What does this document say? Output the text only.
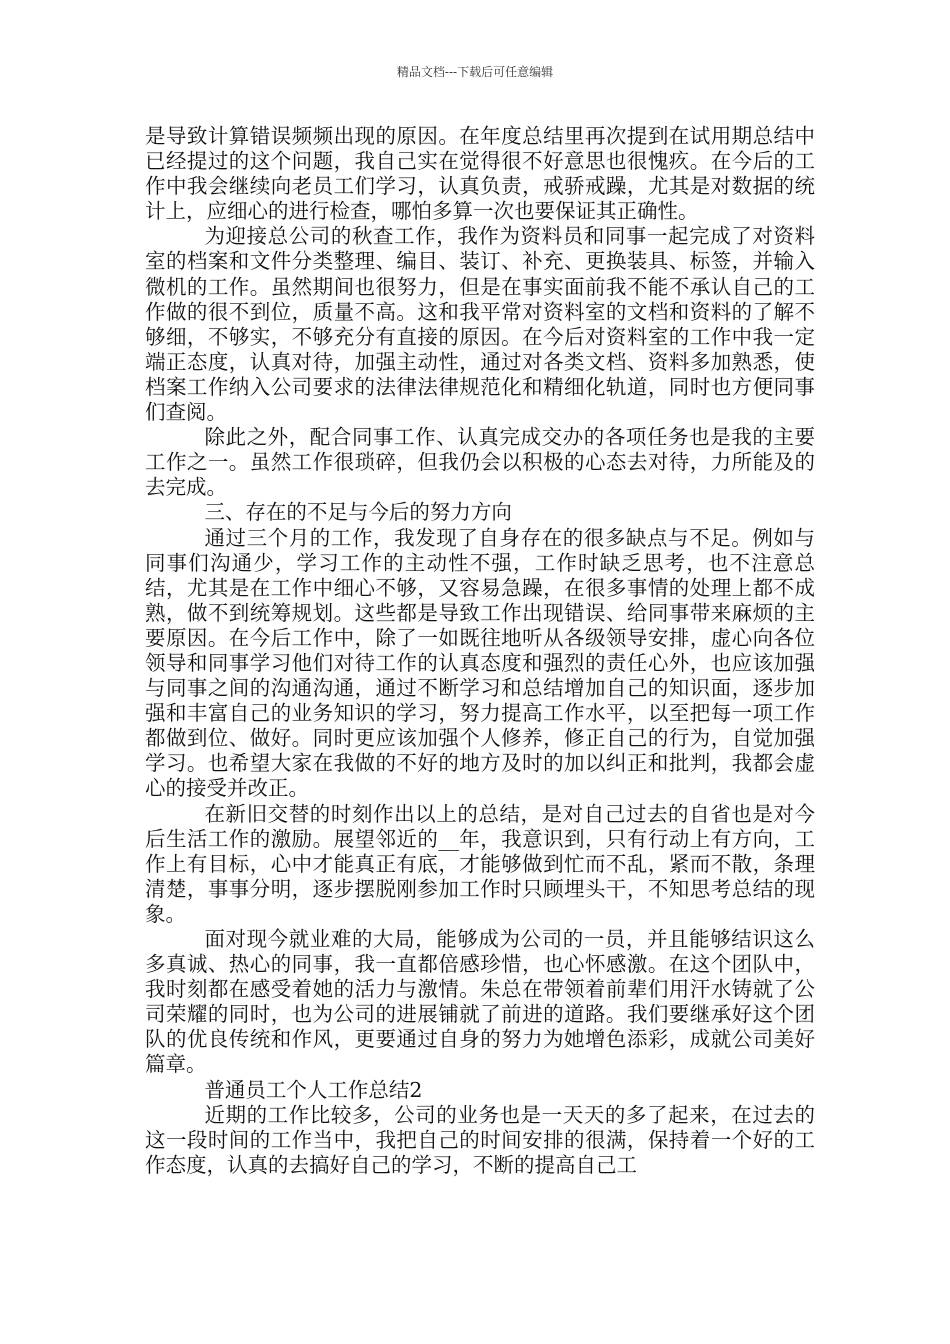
精品文档---下载后可任意编辑

是导致计算错误频频出现的原因。在年度总结里再次提到在试用期总结中已经提过的这个问题，我自己实在觉得很不好意思也很愧疚。在今后的工作中我会继续向老员工们学习，认真负责，戒骄戒躁，尤其是对数据的统计上，应细心的进行检查，哪怕多算一次也要保证其正确性。

为迎接总公司的秋查工作，我作为资料员和同事一起完成了对资料室的档案和文件分类整理、编目、装订、补充、更换装具、标签，并输入微机的工作。虽然期间也很努力，但是在事实面前我不能不承认自己的工作做的很不到位，质量不高。这和我平常对资料室的文档和资料的了解不够细，不够实，不够充分有直接的原因。在今后对资料室的工作中我一定端正态度，认真对待，加强主动性，通过对各类文档、资料多加熟悉，使档案工作纳入公司要求的法律法律规范化和精细化轨道，同时也方便同事们查阅。

除此之外，配合同事工作、认真完成交办的各项任务也是我的主要工作之一。虽然工作很琐碎，但我仍会以积极的心态去对待，力所能及的去完成。

三、存在的不足与今后的努力方向

通过三个月的工作，我发现了自身存在的很多缺点与不足。例如与同事们沟通少，学习工作的主动性不强，工作时缺乏思考，也不注意总结，尤其是在工作中细心不够，又容易急躁，在很多事情的处理上都不成熟，做不到统筹规划。这些都是导致工作出现错误、给同事带来麻烦的主要原因。在今后工作中，除了一如既往地听从各级领导安排，虚心向各位领导和同事学习他们对待工作的认真态度和强烈的责任心外，也应该加强与同事之间的沟通沟通，通过不断学习和总结增加自己的知识面，逐步加强和丰富自己的业务知识的学习，努力提高工作水平，以至把每一项工作都做到位、做好。同时更应该加强个人修养，修正自己的行为，自觉加强学习。也希望大家在我做的不好的地方及时的加以纠正和批判，我都会虚心的接受并改正。

在新旧交替的时刻作出以上的总结，是对自己过去的自省也是对今后生活工作的激励。展望邻近的__年，我意识到，只有行动上有方向，工作上有目标，心中才能真正有底，才能够做到忙而不乱，紧而不散，条理清楚，事事分明，逐步摆脱刚参加工作时只顾埋头干，不知思考总结的现象。

面对现今就业难的大局，能够成为公司的一员，并且能够结识这么多真诚、热心的同事，我一直都倍感珍惜，也心怀感激。在这个团队中，我时刻都在感受着她的活力与激情。朱总在带领着前辈们用汗水铸就了公司荣耀的同时，也为公司的进展铺就了前进的道路。我们要继承好这个团队的优良传统和作风，更要通过自身的努力为她增色添彩，成就公司美好篇章。

普通员工个人工作总结2

近期的工作比较多，公司的业务也是一天天的多了起来，在过去的这一段时间的工作当中，我把自己的时间安排的很满，保持着一个好的工作态度，认真的去搞好自己的学习，不断的提高自己工
